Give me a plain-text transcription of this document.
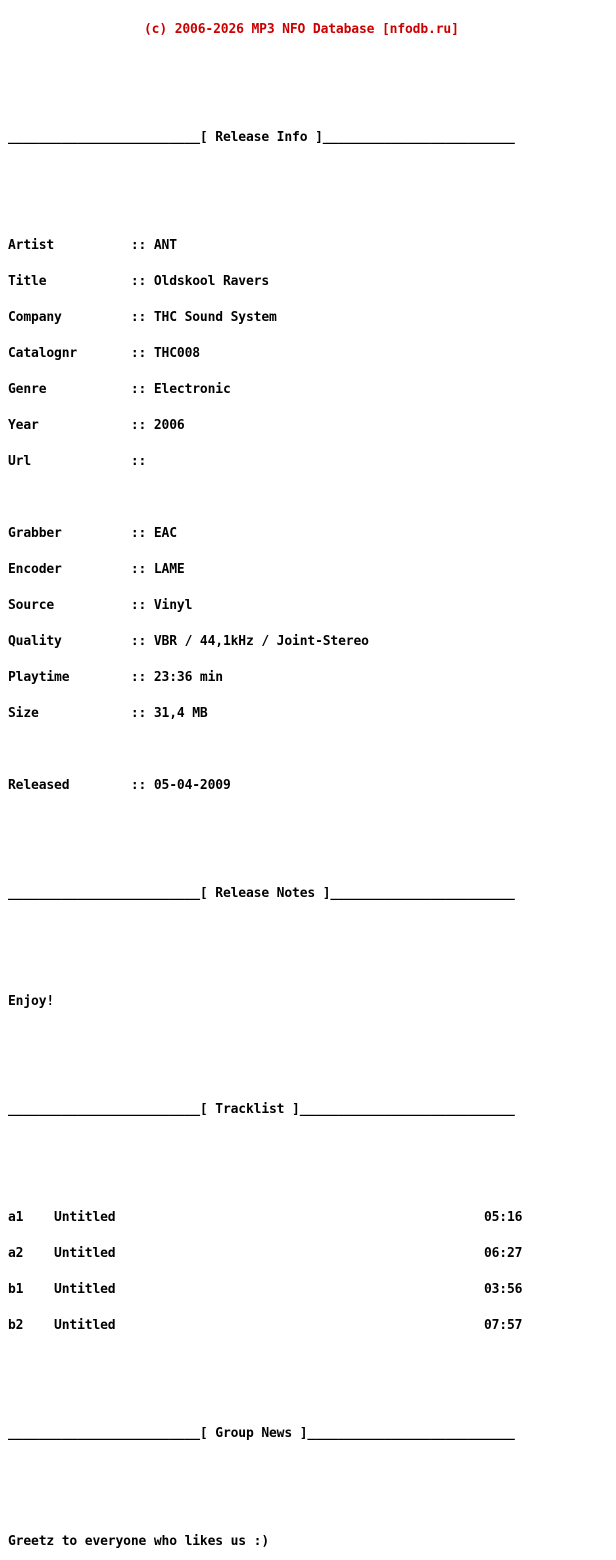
(c) 2006-2026 MP3 NFO Database [nfodb.ru]

_________________________[ Release Info ]_________________________

Artist          :: ANT

Title           :: Oldskool Ravers

Company         :: THC Sound System

Catalognr       :: THC008

Genre           :: Electronic

Year            :: 2006

Url             ::

Grabber         :: EAC

Encoder         :: LAME

Source          :: Vinyl

Quality         :: VBR / 44,1kHz / Joint-Stereo

Playtime        :: 23:36 min

Size            :: 31,4 MB

Released        :: 05-04-2009

_________________________[ Release Notes ]________________________

Enjoy!

_________________________[ Tracklist ]____________________________

a1    Untitled                                                05:16

a2    Untitled                                                06:27

b1    Untitled                                                03:56

b2    Untitled                                                07:57

_________________________[ Group News ]___________________________

Greetz to everyone who likes us :)
